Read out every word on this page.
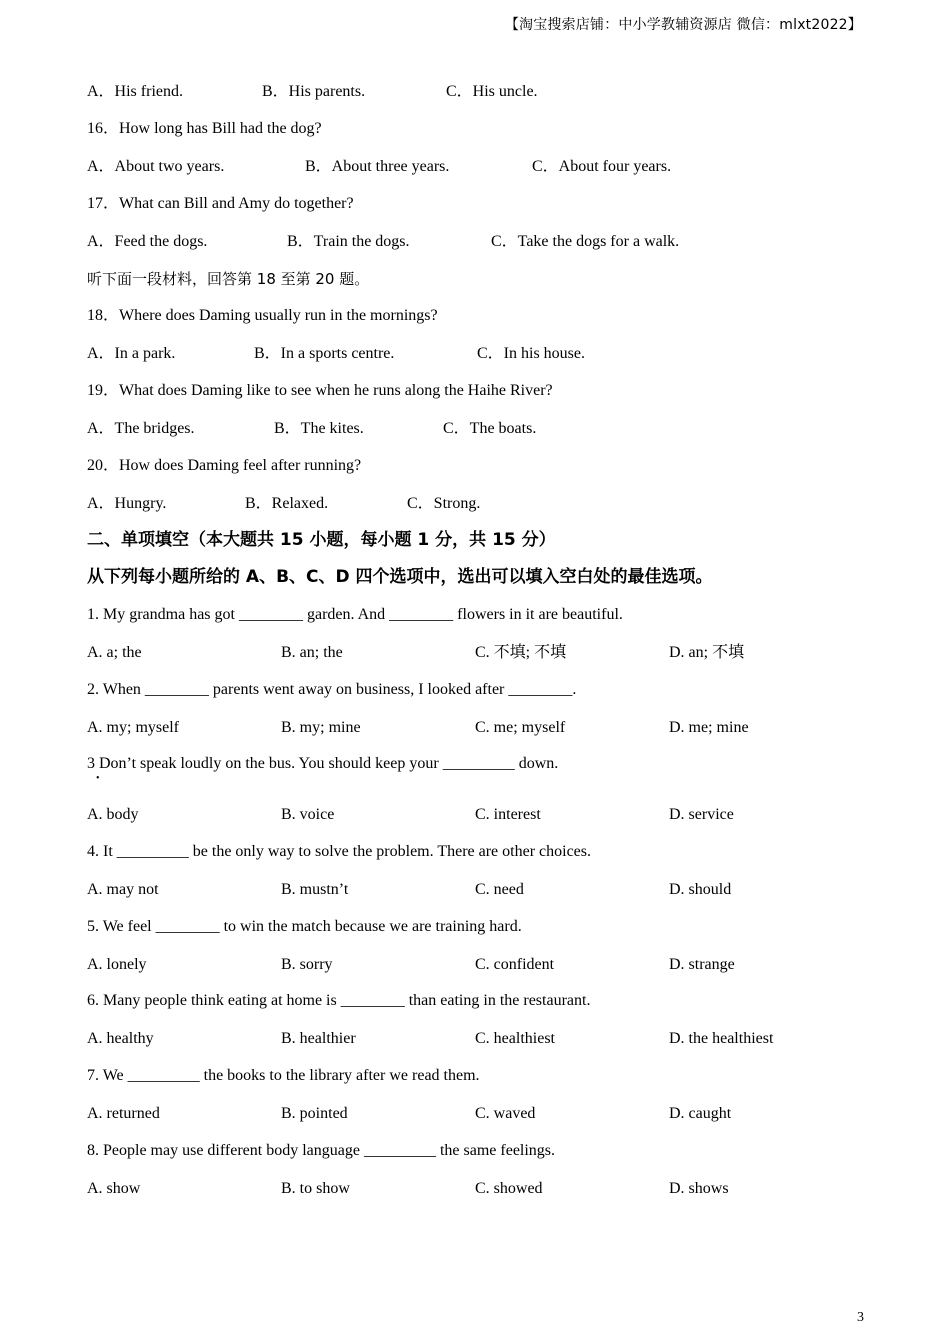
【淘宝搜索店铺：中小学教辅资源店 微信：mlxt2022】
A．His friend.	B．His parents.	C．His uncle.
16．How long has Bill had the dog?
A．About two years.	B．About three years.	C．About four years.
17．What can Bill and Amy do together?
A．Feed the dogs.	B．Train the dogs.	C．Take the dogs for a walk.
听下面一段材料，回答第 18 至第 20 题。
18．Where does Daming usually run in the mornings?
A．In a park.	B．In a sports centre.	C．In his house.
19．What does Daming like to see when he runs along the Haihe River?
A．The bridges.	B．The kites.	C．The boats.
20．How does Daming feel after running?
A．Hungry.	B．Relaxed.	C．Strong.
二、单项填空（本大题共 15 小题，每小题 1 分，共 15 分）
从下列每小题所给的 A、B、C、D 四个选项中，选出可以填入空白处的最佳选项。
1. My grandma has got ________ garden. And ________ flowers in it are beautiful.
A. a; the	B. an; the	C. 不填; 不填	D. an; 不填
2. When ________ parents went away on business, I looked after ________.
A. my; myself	B. my; mine	C. me; myself	D. me; mine
3 Don’t speak loudly on the bus. You should keep your _________ down.
•
A. body	B. voice	C. interest	D. service
4. It _________ be the only way to solve the problem. There are other choices.
A. may not	B. mustn’t	C. need	D. should
5. We feel ________ to win the match because we are training hard.
A. lonely	B. sorry	C. confident	D. strange
6. Many people think eating at home is ________ than eating in the restaurant.
A. healthy	B. healthier	C. healthiest	D. the healthiest
7. We _________ the books to the library after we read them.
A. returned	B. pointed	C. waved	D. caught
8. People may use different body language _________ the same feelings.
A. show	B. to show	C. showed	D. shows
3
